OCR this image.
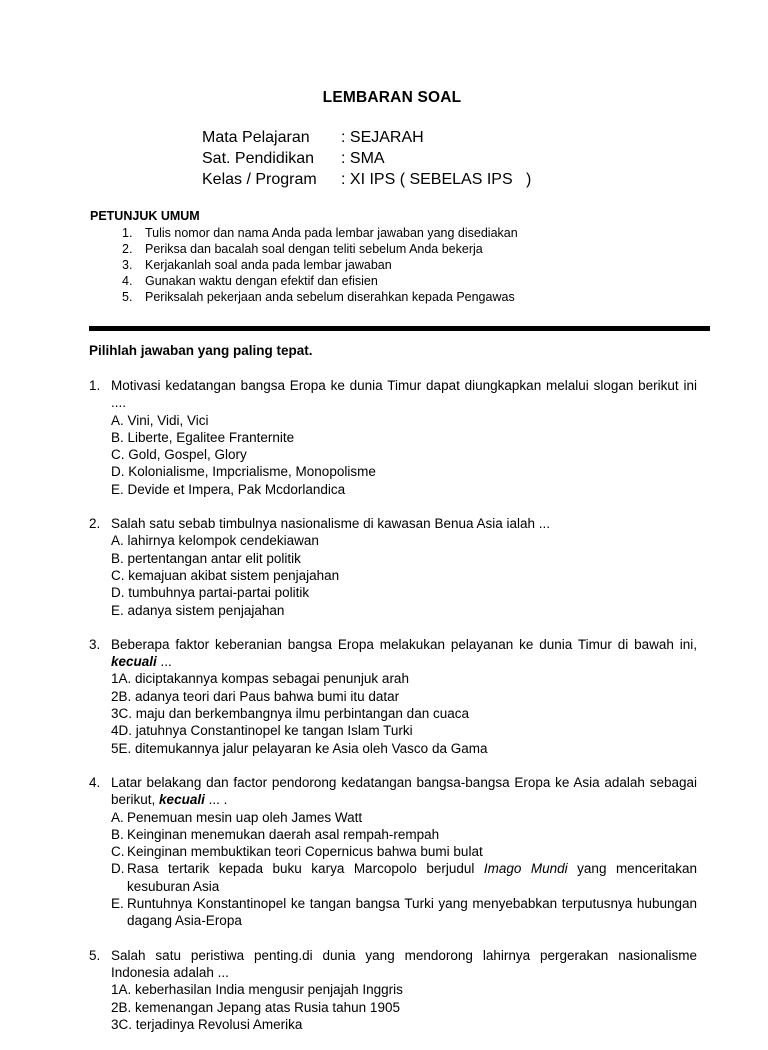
LEMBARAN SOAL
Mata Pelajaran	: SEJARAH
Sat. Pendidikan	: SMA
Kelas / Program	: XI IPS ( SEBELAS IPS   )
PETUNJUK UMUM
1.	Tulis nomor dan nama Anda pada lembar jawaban yang disediakan
2.	Periksa dan bacalah soal dengan teliti sebelum Anda bekerja
3.	Kerjakanlah soal anda pada lembar jawaban
4.	Gunakan waktu dengan efektif dan efisien
5.	Periksalah pekerjaan anda sebelum diserahkan kepada Pengawas
Pilihlah jawaban yang paling tepat.
1. Motivasi kedatangan bangsa Eropa ke dunia Timur dapat diungkapkan melalui slogan berikut ini ....
A. Vini, Vidi, Vici
B. Liberte, Egalitee Franternite
C. Gold, Gospel, Glory
D. Kolonialisme, Impcrialisme, Monopolisme
E. Devide et Impera, Pak Mcdorlandica
2. Salah satu sebab timbulnya nasionalisme di kawasan Benua Asia ialah ...
A. lahirnya kelompok cendekiawan
B. pertentangan antar elit politik
C. kemajuan akibat sistem penjajahan
D. tumbuhnya partai-partai politik
E. adanya sistem penjajahan
3. Beberapa faktor keberanian bangsa Eropa melakukan pelayanan ke dunia Timur di bawah ini, kecuali ...
1A. diciptakannya kompas sebagai penunjuk arah
2B. adanya teori dari Paus bahwa bumi itu datar
3C. maju dan berkembangnya ilmu perbintangan dan cuaca
4D. jatuhnya Constantinopel ke tangan Islam Turki
5E. ditemukannya jalur pelayaran ke Asia oleh Vasco da Gama
4. Latar belakang dan factor pendorong kedatangan bangsa-bangsa Eropa ke Asia adalah sebagai berikut, kecuali ... .
A. Penemuan mesin uap oleh James Watt
B. Keinginan menemukan daerah asal rempah-rempah
C. Keinginan membuktikan teori Copernicus bahwa bumi bulat
D. Rasa tertarik kepada buku karya Marcopolo berjudul Imago Mundi yang menceritakan kesuburan Asia
E. Runtuhnya Konstantinopel ke tangan bangsa Turki yang menyebabkan terputusnya hubungan dagang Asia-Eropa
5. Salah satu peristiwa penting.di dunia yang mendorong lahirnya pergerakan nasionalisme Indonesia adalah ...
1A. keberhasilan India mengusir penjajah Inggris
2B. kemenangan Jepang atas Rusia tahun 1905
3C. terjadinya Revolusi Amerika
